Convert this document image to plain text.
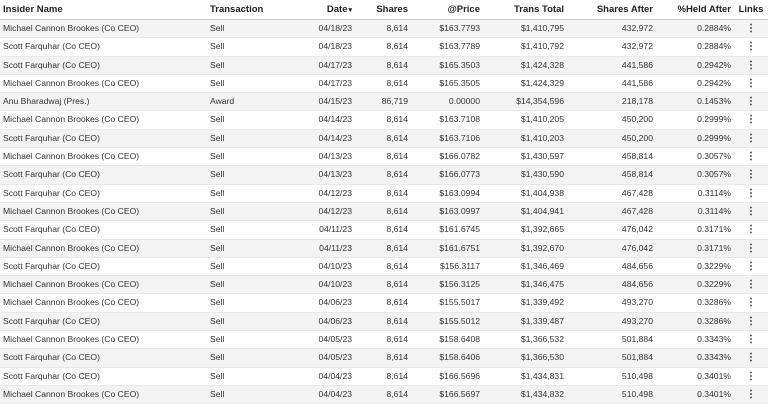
Insider Name	Transaction	Date▾	Shares	@Price	Trans Total	Shares After	%Held After	Links
Michael Cannon Brookes (Co CEO)	Sell	04/18/23	8,614	$163.7793	$1,410,795	432,972	0.2884%	⋮
Scott Farquhar (Co CEO)	Sell	04/18/23	8,614	$163.7789	$1,410,792	432,972	0.2884%	⋮
Scott Farquhar (Co CEO)	Sell	04/17/23	8,614	$165.3503	$1,424,328	441,586	0.2942%	⋮
Michael Cannon Brookes (Co CEO)	Sell	04/17/23	8,614	$165.3505	$1,424,329	441,586	0.2942%	⋮
Anu Bharadwaj (Pres.)	Award	04/15/23	86,719	0.00000	$14,354,596	218,178	0.1453%	⋮
Michael Cannon Brookes (Co CEO)	Sell	04/14/23	8,614	$163.7108	$1,410,205	450,200	0.2999%	⋮
Scott Farquhar (Co CEO)	Sell	04/14/23	8,614	$163.7106	$1,410,203	450,200	0.2999%	⋮
Michael Cannon Brookes (Co CEO)	Sell	04/13/23	8,614	$166.0782	$1,430,597	458,814	0.3057%	⋮
Scott Farquhar (Co CEO)	Sell	04/13/23	8,614	$166.0773	$1,430,590	458,814	0.3057%	⋮
Scott Farquhar (Co CEO)	Sell	04/12/23	8,614	$163.0994	$1,404,938	467,428	0.3114%	⋮
Michael Cannon Brookes (Co CEO)	Sell	04/12/23	8,614	$163.0997	$1,404,941	467,428	0.3114%	⋮
Scott Farquhar (Co CEO)	Sell	04/11/23	8,614	$161.6745	$1,392,665	476,042	0.3171%	⋮
Michael Cannon Brookes (Co CEO)	Sell	04/11/23	8,614	$161.6751	$1,392,670	476,042	0.3171%	⋮
Scott Farquhar (Co CEO)	Sell	04/10/23	8,614	$156.3117	$1,346,469	484,656	0.3229%	⋮
Michael Cannon Brookes (Co CEO)	Sell	04/10/23	8,614	$156.3125	$1,346,475	484,656	0.3229%	⋮
Michael Cannon Brookes (Co CEO)	Sell	04/06/23	8,614	$155.5017	$1,339,492	493,270	0.3286%	⋮
Scott Farquhar (Co CEO)	Sell	04/06/23	8,614	$155.5012	$1,339,487	493,270	0.3286%	⋮
Michael Cannon Brookes (Co CEO)	Sell	04/05/23	8,614	$158.6408	$1,366,532	501,884	0.3343%	⋮
Scott Farquhar (Co CEO)	Sell	04/05/23	8,614	$158.6406	$1,366,530	501,884	0.3343%	⋮
Scott Farquhar (Co CEO)	Sell	04/04/23	8,614	$166.5696	$1,434,831	510,498	0.3401%	⋮
Michael Cannon Brookes (Co CEO)	Sell	04/04/23	8,614	$166.5697	$1,434,832	510,498	0.3401%	⋮
